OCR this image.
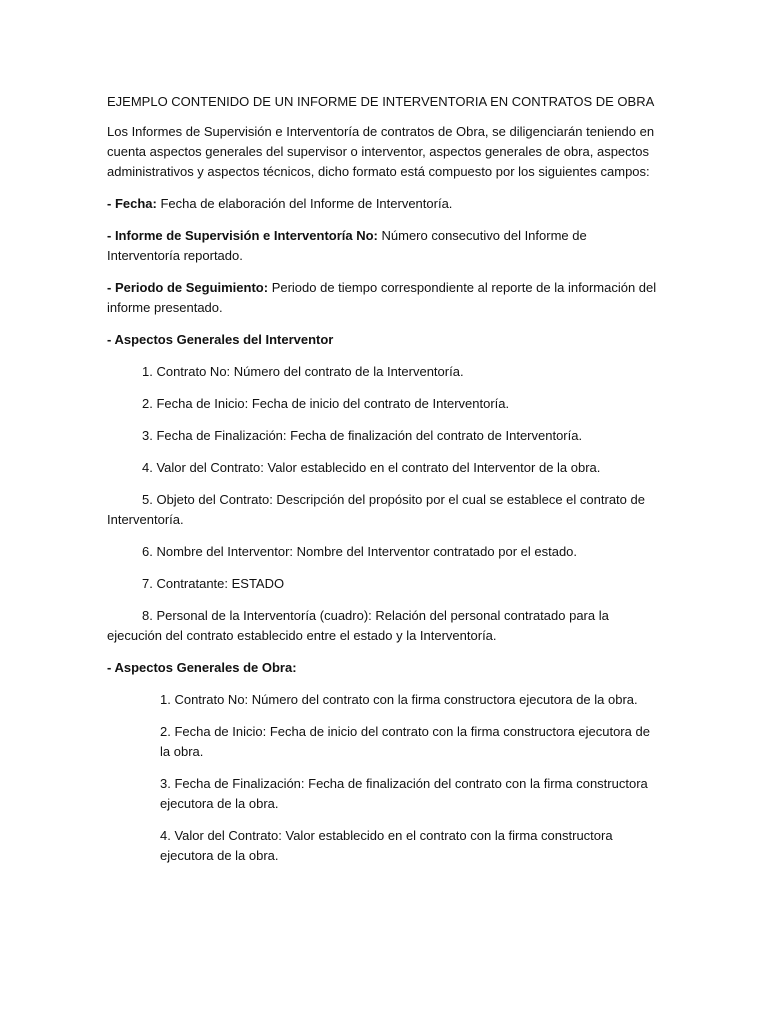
EJEMPLO CONTENIDO DE UN INFORME DE INTERVENTORIA EN CONTRATOS DE OBRA

Los Informes de Supervisión e Interventoría de contratos de Obra, se diligenciarán teniendo en cuenta aspectos generales del supervisor o interventor, aspectos generales de obra, aspectos administrativos y aspectos técnicos, dicho formato está compuesto por los siguientes campos:

- Fecha: Fecha de elaboración del Informe de Interventoría.

- Informe de Supervisión e Interventoría No: Número consecutivo del Informe de Interventoría reportado.

- Periodo de Seguimiento: Periodo de tiempo correspondiente al reporte de la información del informe presentado.

- Aspectos Generales del Interventor

1. Contrato No: Número del contrato de la Interventoría.

2. Fecha de Inicio: Fecha de inicio del contrato de Interventoría.

3. Fecha de Finalización: Fecha de finalización del contrato de Interventoría.

4. Valor del Contrato: Valor establecido en el contrato del Interventor de la obra.

5. Objeto del Contrato: Descripción del propósito por el cual se establece el contrato de Interventoría.

6. Nombre del Interventor: Nombre del Interventor contratado por el estado.

7. Contratante: ESTADO

8. Personal de la Interventoría (cuadro): Relación del personal contratado para la ejecución del contrato establecido entre el estado y la Interventoría.

- Aspectos Generales de Obra:

1. Contrato No: Número del contrato con la firma constructora ejecutora de la obra.

2. Fecha de Inicio: Fecha de inicio del contrato con la firma constructora ejecutora de la obra.

3. Fecha de Finalización: Fecha de finalización del contrato con la firma constructora ejecutora de la obra.

4. Valor del Contrato: Valor establecido en el contrato con la firma constructora ejecutora de la obra.
